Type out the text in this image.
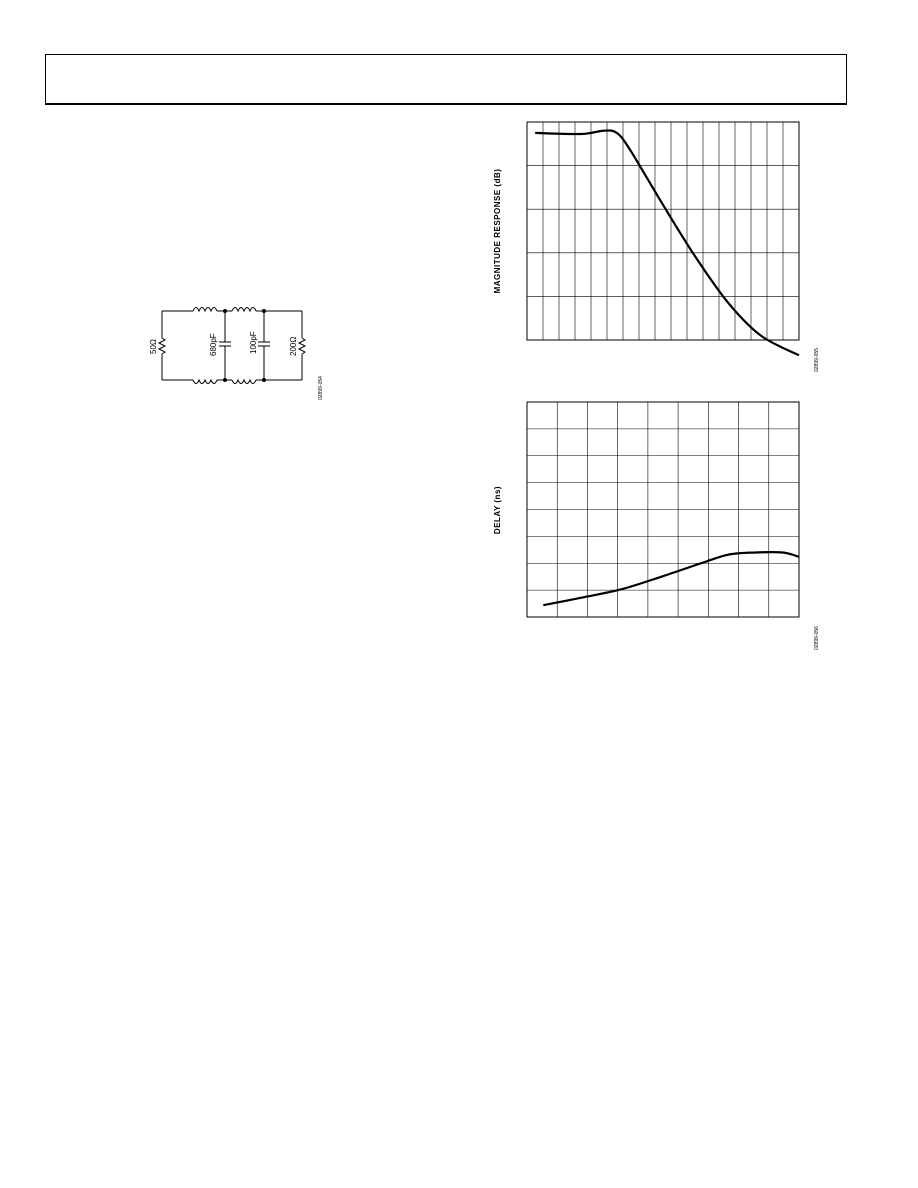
50Ω	680pF	100pF	200Ω
02899-054
MAGNITUDE RESPONSE (dB)
02899-055
DELAY (ns)
02899-056
